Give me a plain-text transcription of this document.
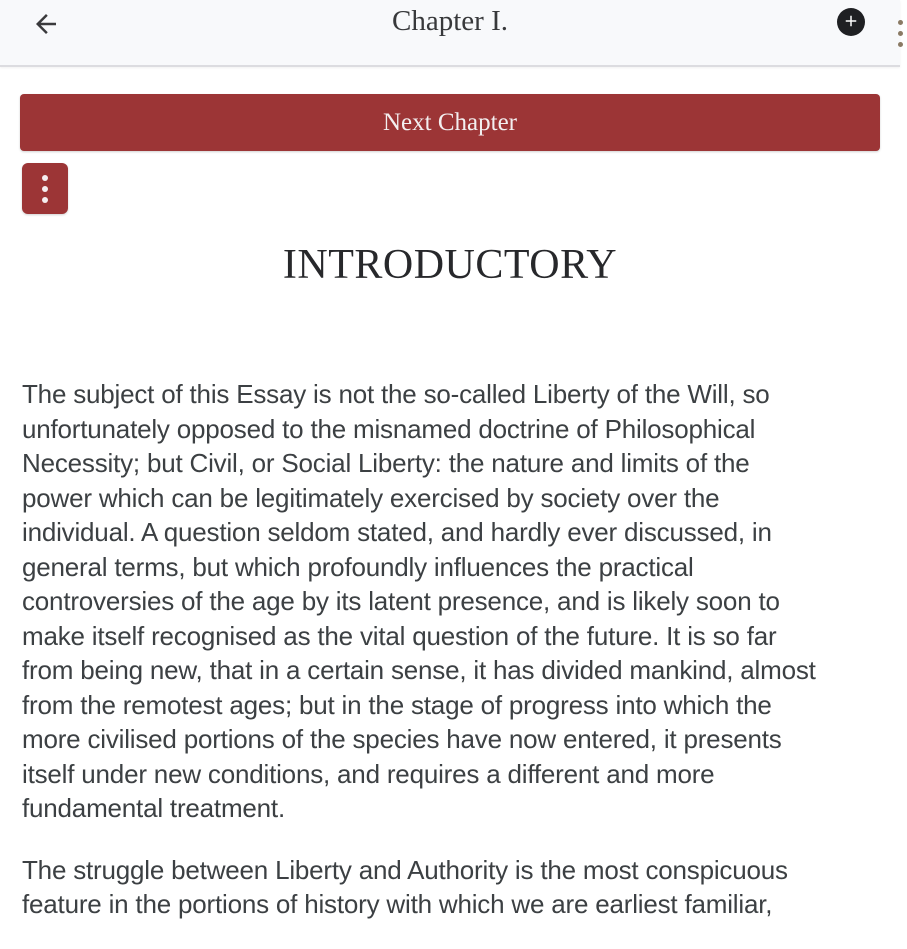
Chapter I.
Next Chapter
INTRODUCTORY
The subject of this Essay is not the so-called Liberty of the Will, so
unfortunately opposed to the misnamed doctrine of Philosophical
Necessity; but Civil, or Social Liberty: the nature and limits of the
power which can be legitimately exercised by society over the
individual. A question seldom stated, and hardly ever discussed, in
general terms, but which profoundly influences the practical
controversies of the age by its latent presence, and is likely soon to
make itself recognised as the vital question of the future. It is so far
from being new, that in a certain sense, it has divided mankind, almost
from the remotest ages; but in the stage of progress into which the
more civilised portions of the species have now entered, it presents
itself under new conditions, and requires a different and more
fundamental treatment.
The struggle between Liberty and Authority is the most conspicuous
feature in the portions of history with which we are earliest familiar,
